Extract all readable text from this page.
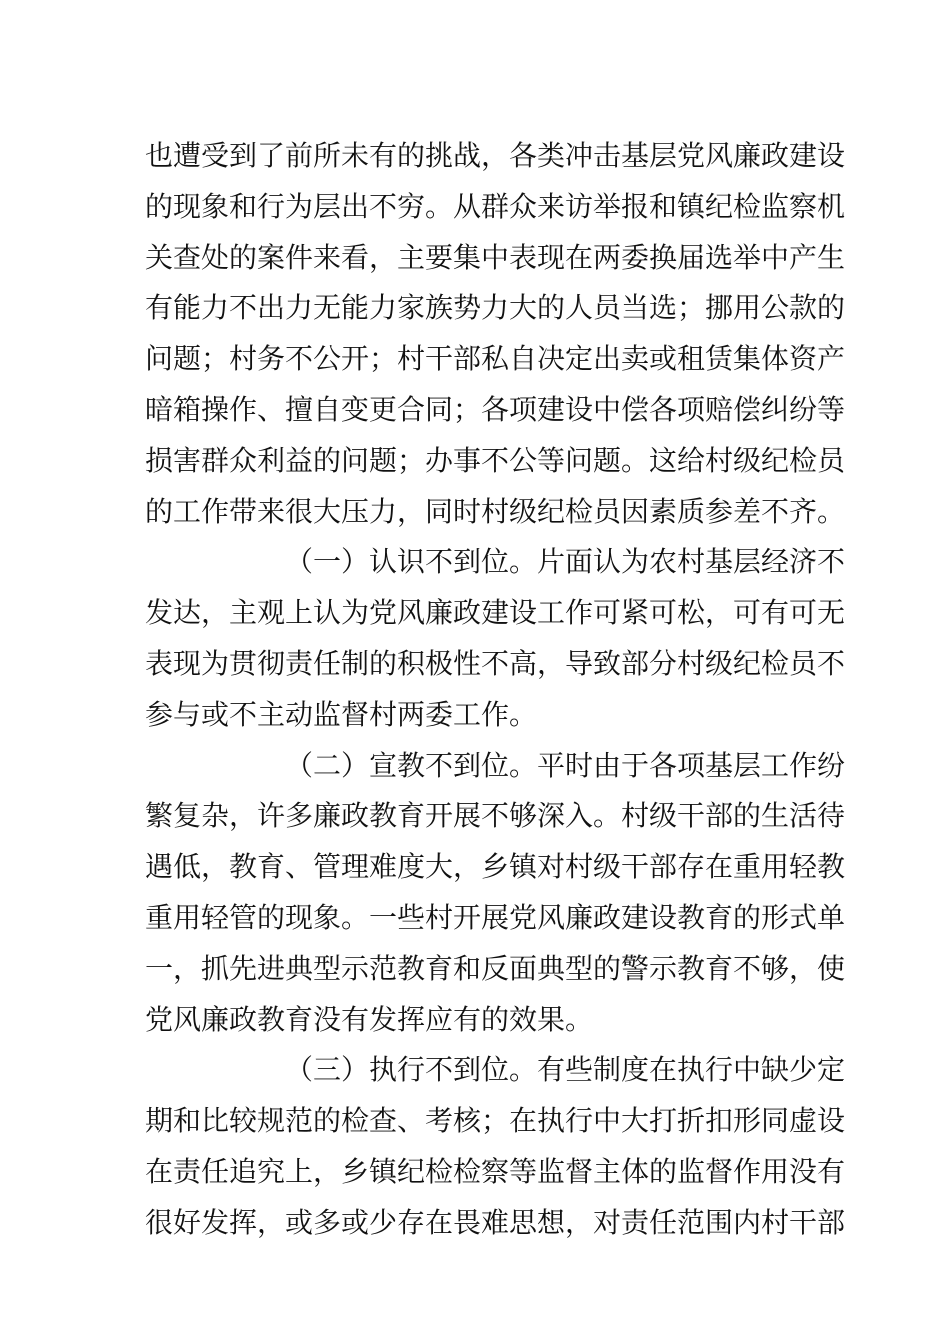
也遭受到了前所未有的挑战，各类冲击基层党风廉政建设
的现象和行为层出不穷。从群众来访举报和镇纪检监察机
关查处的案件来看，主要集中表现在两委换届选举中产生
有能力不出力无能力家族势力大的人员当选；挪用公款的
问题；村务不公开；村干部私自决定出卖或租赁集体资产
暗箱操作、擅自变更合同；各项建设中偿各项赔偿纠纷等
损害群众利益的问题；办事不公等问题。这给村级纪检员
的工作带来很大压力，同时村级纪检员因素质参差不齐。
（一）认识不到位。片面认为农村基层经济不
发达，主观上认为党风廉政建设工作可紧可松，可有可无
表现为贯彻责任制的积极性不高，导致部分村级纪检员不
参与或不主动监督村两委工作。
（二）宣教不到位。平时由于各项基层工作纷
繁复杂，许多廉政教育开展不够深入。村级干部的生活待
遇低，教育、管理难度大，乡镇对村级干部存在重用轻教
重用轻管的现象。一些村开展党风廉政建设教育的形式单
一，抓先进典型示范教育和反面典型的警示教育不够，使
党风廉政教育没有发挥应有的效果。
（三）执行不到位。有些制度在执行中缺少定
期和比较规范的检查、考核；在执行中大打折扣形同虚设
在责任追究上，乡镇纪检检察等监督主体的监督作用没有
很好发挥，或多或少存在畏难思想，对责任范围内村干部
